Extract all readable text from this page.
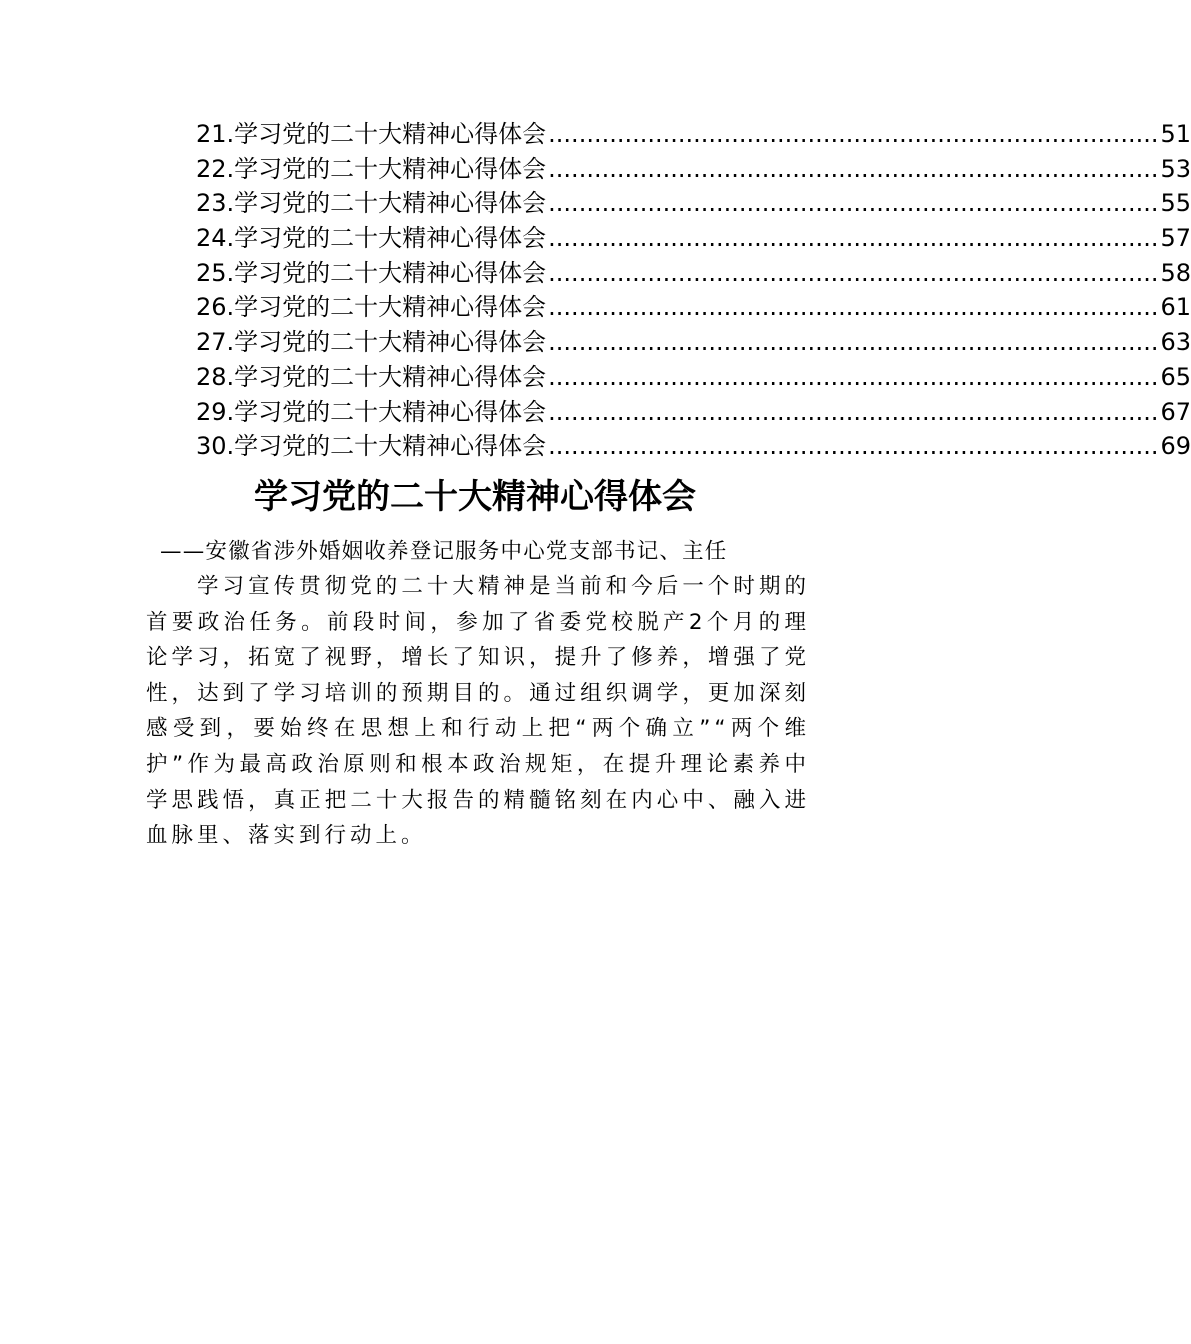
21. 学习党的二十大精神心得体会 ................................................................................ 51
22. 学习党的二十大精神心得体会 ................................................................................ 53
23. 学习党的二十大精神心得体会 ................................................................................ 55
24. 学习党的二十大精神心得体会 ................................................................................ 57
25. 学习党的二十大精神心得体会 ................................................................................ 58
26. 学习党的二十大精神心得体会 ................................................................................ 61
27. 学习党的二十大精神心得体会 ................................................................................ 63
28. 学习党的二十大精神心得体会 ................................................................................ 65
29. 学习党的二十大精神心得体会 ................................................................................ 67
30. 学习党的二十大精神心得体会 ................................................................................ 69
学习党的二十大精神心得体会
——安徽省涉外婚姻收养登记服务中心党支部书记、主任

学习宣传贯彻党的二十大精神是当前和今后一个时期的首要政治任务。前段时间，参加了省委党校脱产2个月的理论学习，拓宽了视野，增长了知识，提升了修养，增强了党性，达到了学习培训的预期目的。通过组织调学，更加深刻感受到，要始终在思想上和行动上把“两个确立”“两个维护”作为最高政治原则和根本政治规矩，在提升理论素养中学思践悟，真正把二十大报告的精髓铭刻在内心中、融入进血脉里、落实到行动上。
